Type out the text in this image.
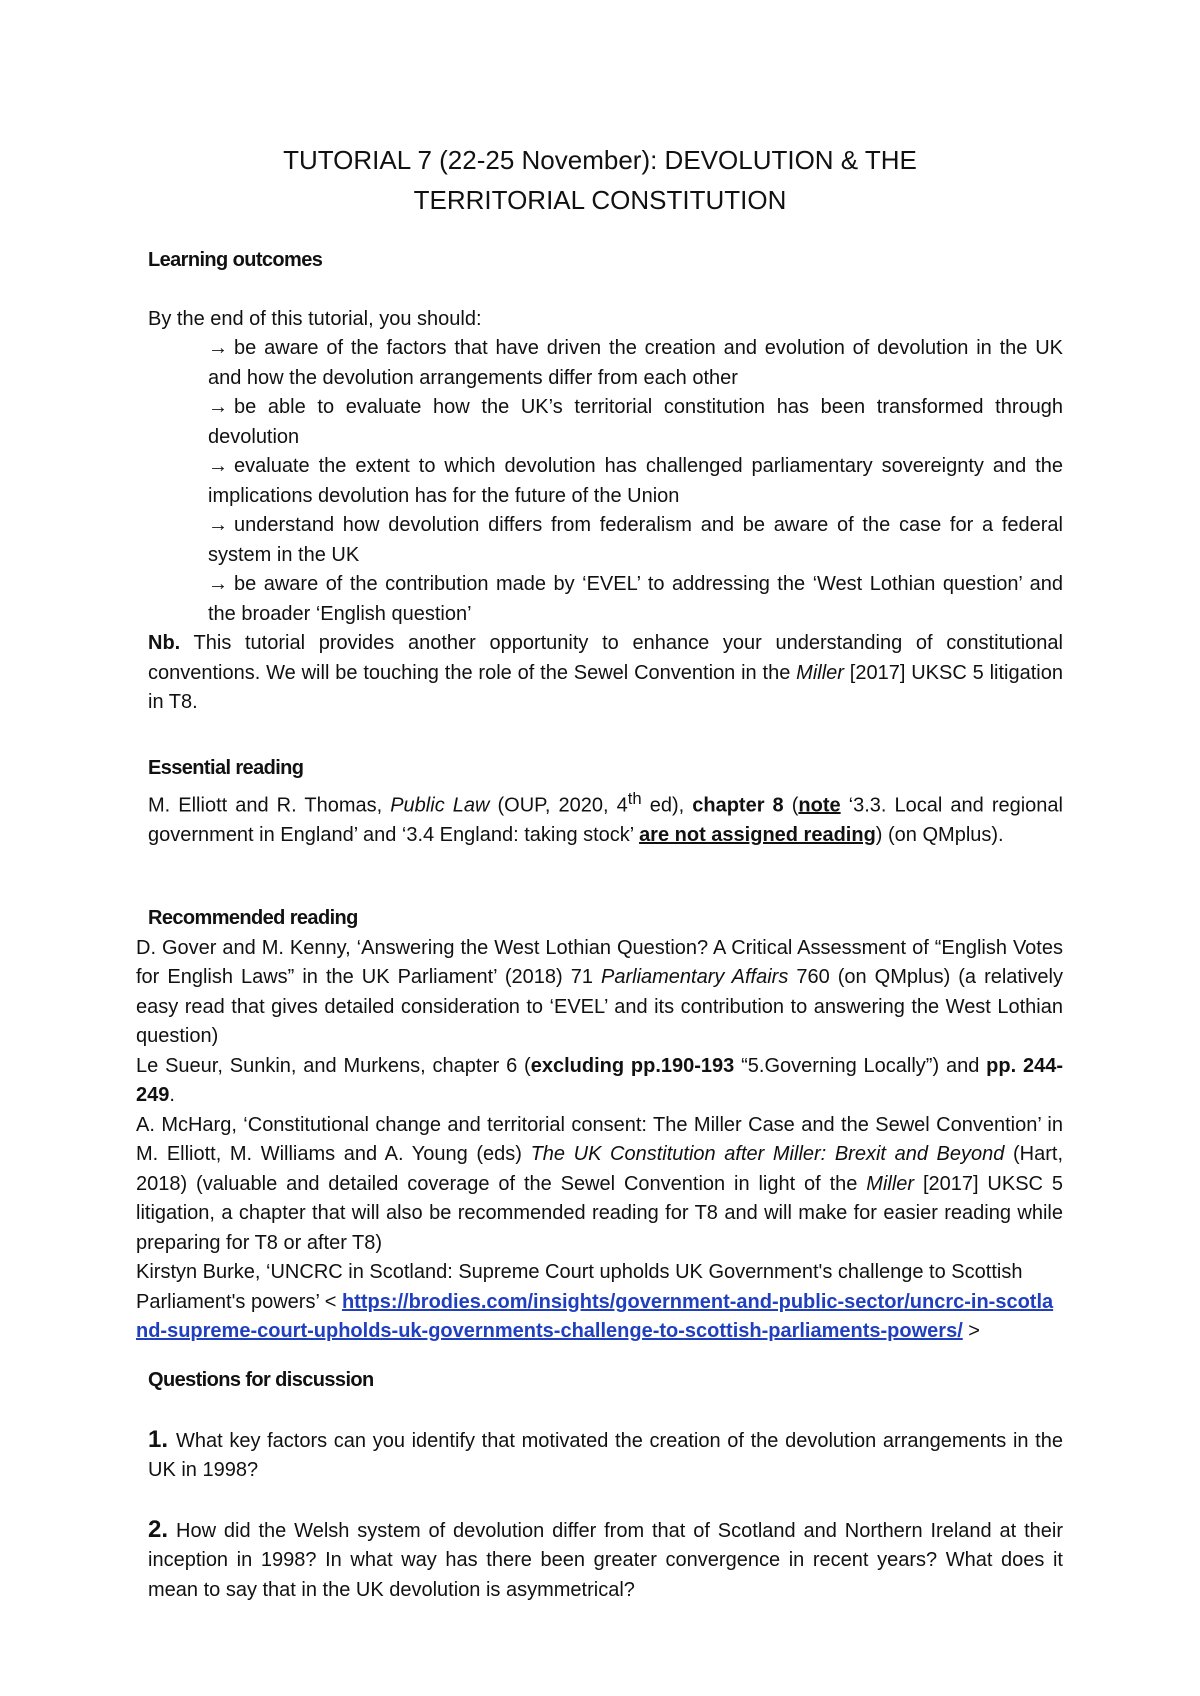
TUTORIAL 7 (22-25 November): DEVOLUTION & THE
TERRITORIAL CONSTITUTION
Learning outcomes
By the end of this tutorial, you should:
→ be aware of the factors that have driven the creation and evolution of devolution in the UK and how the devolution arrangements differ from each other
→ be able to evaluate how the UK’s territorial constitution has been transformed through devolution
→ evaluate the extent to which devolution has challenged parliamentary sovereignty and the implications devolution has for the future of the Union
→ understand how devolution differs from federalism and be aware of the case for a federal system in the UK
→ be aware of the contribution made by ‘EVEL’ to addressing the ‘West Lothian question’ and the broader ‘English question’
Nb. This tutorial provides another opportunity to enhance your understanding of constitutional conventions. We will be touching the role of the Sewel Convention in the Miller [2017] UKSC 5 litigation in T8.
Essential reading
M. Elliott and R. Thomas, Public Law (OUP, 2020, 4th ed), chapter 8 (note ‘3.3. Local and regional government in England’ and ‘3.4 England: taking stock’ are not assigned reading) (on QMplus).
Recommended reading
D. Gover and M. Kenny, ‘Answering the West Lothian Question? A Critical Assessment of “English Votes for English Laws” in the UK Parliament’ (2018) 71 Parliamentary Affairs 760 (on QMplus) (a relatively easy read that gives detailed consideration to ‘EVEL’ and its contribution to answering the West Lothian question)
Le Sueur, Sunkin, and Murkens, chapter 6 (excluding pp.190-193 “5.Governing Locally”) and pp. 244-249.
A. McHarg, ‘Constitutional change and territorial consent: The Miller Case and the Sewel Convention’ in M. Elliott, M. Williams and A. Young (eds) The UK Constitution after Miller: Brexit and Beyond (Hart, 2018) (valuable and detailed coverage of the Sewel Convention in light of the Miller [2017] UKSC 5 litigation, a chapter that will also be recommended reading for T8 and will make for easier reading while preparing for T8 or after T8)
Kirstyn Burke, ‘UNCRC in Scotland: Supreme Court upholds UK Government's challenge to Scottish Parliament's powers’ < https://brodies.com/insights/government-and-public-sector/uncrc-in-scotland-supreme-court-upholds-uk-governments-challenge-to-scottish-parliaments-powers/ >
Questions for discussion
1. What key factors can you identify that motivated the creation of the devolution arrangements in the UK in 1998?
2. How did the Welsh system of devolution differ from that of Scotland and Northern Ireland at their inception in 1998? In what way has there been greater convergence in recent years? What does it mean to say that in the UK devolution is asymmetrical?
